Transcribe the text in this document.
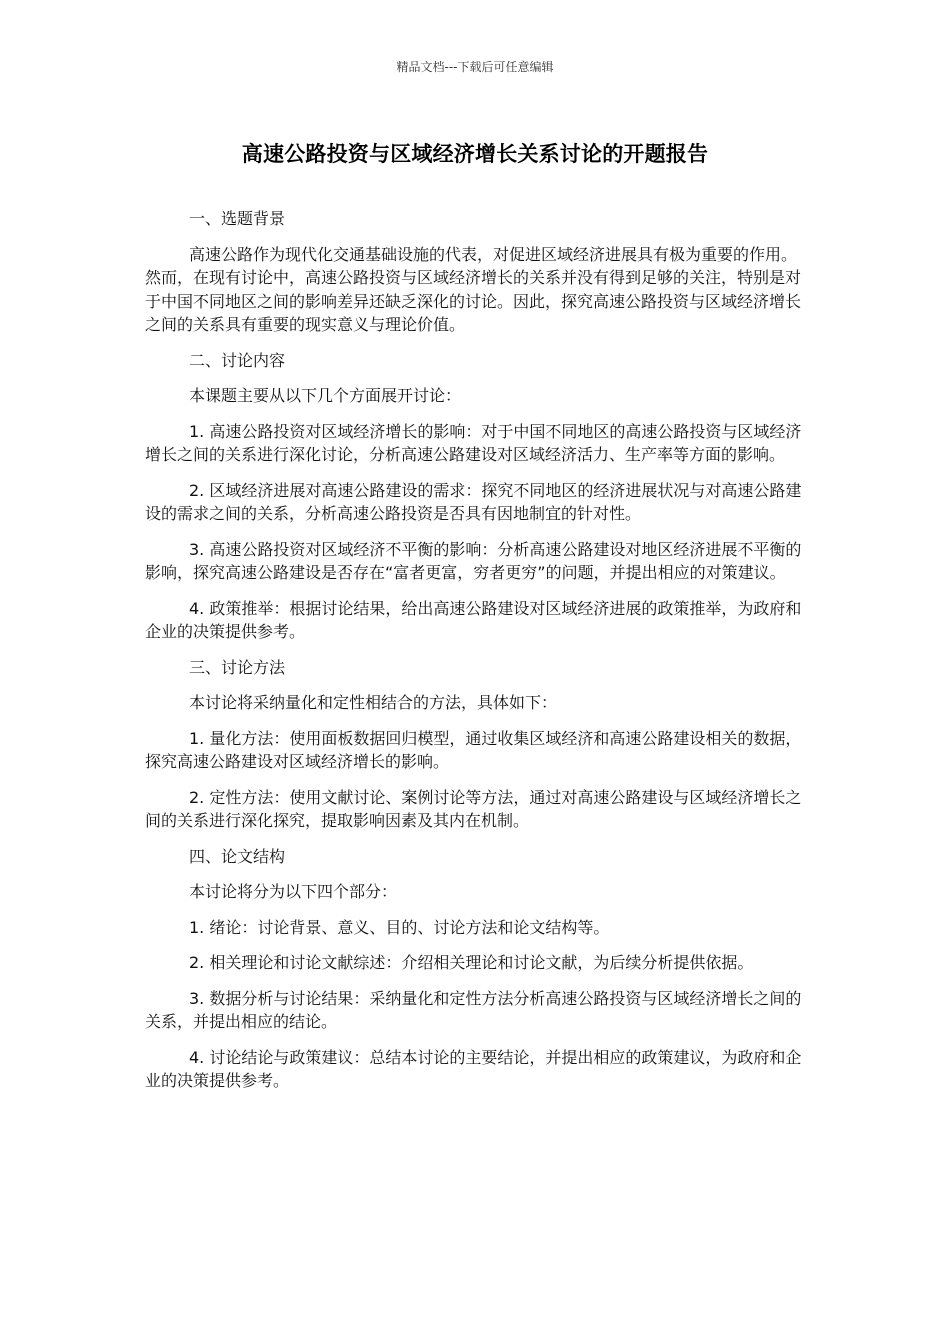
精品文档---下载后可任意编辑
高速公路投资与区域经济增长关系讨论的开题报告

一、选题背景

高速公路作为现代化交通基础设施的代表，对促进区域经济进展具有极为重要的作用。然而，在现有讨论中，高速公路投资与区域经济增长的关系并没有得到足够的关注，特别是对于中国不同地区之间的影响差异还缺乏深化的讨论。因此，探究高速公路投资与区域经济增长之间的关系具有重要的现实意义与理论价值。

二、讨论内容

本课题主要从以下几个方面展开讨论：

1. 高速公路投资对区域经济增长的影响：对于中国不同地区的高速公路投资与区域经济增长之间的关系进行深化讨论，分析高速公路建设对区域经济活力、生产率等方面的影响。

2. 区域经济进展对高速公路建设的需求：探究不同地区的经济进展状况与对高速公路建设的需求之间的关系，分析高速公路投资是否具有因地制宜的针对性。

3. 高速公路投资对区域经济不平衡的影响：分析高速公路建设对地区经济进展不平衡的影响，探究高速公路建设是否存在“富者更富，穷者更穷”的问题，并提出相应的对策建议。

4. 政策推举：根据讨论结果，给出高速公路建设对区域经济进展的政策推举，为政府和企业的决策提供参考。

三、讨论方法

本讨论将采纳量化和定性相结合的方法，具体如下：

1. 量化方法：使用面板数据回归模型，通过收集区域经济和高速公路建设相关的数据，探究高速公路建设对区域经济增长的影响。

2. 定性方法：使用文献讨论、案例讨论等方法，通过对高速公路建设与区域经济增长之间的关系进行深化探究，提取影响因素及其内在机制。

四、论文结构

本讨论将分为以下四个部分：

1. 绪论：讨论背景、意义、目的、讨论方法和论文结构等。

2. 相关理论和讨论文献综述：介绍相关理论和讨论文献，为后续分析提供依据。

3. 数据分析与讨论结果：采纳量化和定性方法分析高速公路投资与区域经济增长之间的关系，并提出相应的结论。

4. 讨论结论与政策建议：总结本讨论的主要结论，并提出相应的政策建议，为政府和企业的决策提供参考。
